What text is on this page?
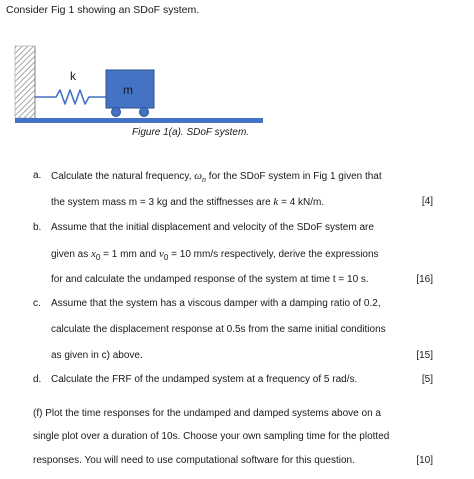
Consider Fig 1 showing an SDoF system.
k
m
Figure 1(a). SDoF system.
a. Calculate the natural frequency, $\omega_n$ for the SDoF system in Fig 1 given that
the system mass m = 3 kg and the stiffnesses are k = 4 kN/m.	[4]
b. Assume that the initial displacement and velocity of the SDoF system are
given as $x_0 = 1$ mm and $v_0 = 10$ mm/s respectively, derive the expressions
for and calculate the undamped response of the system at time t = 10 s.	[16]
c. Assume that the system has a viscous damper with a damping ratio of 0.2,
calculate the displacement response at 0.5s from the same initial conditions
as given in c) above.	[15]
d. Calculate the FRF of the undamped system at a frequency of 5 rad/s.	[5]
(f) Plot the time responses for the undamped and damped systems above on a
single plot over a duration of 10s. Choose your own sampling time for the plotted
responses. You will need to use computational software for this question.	[10]
